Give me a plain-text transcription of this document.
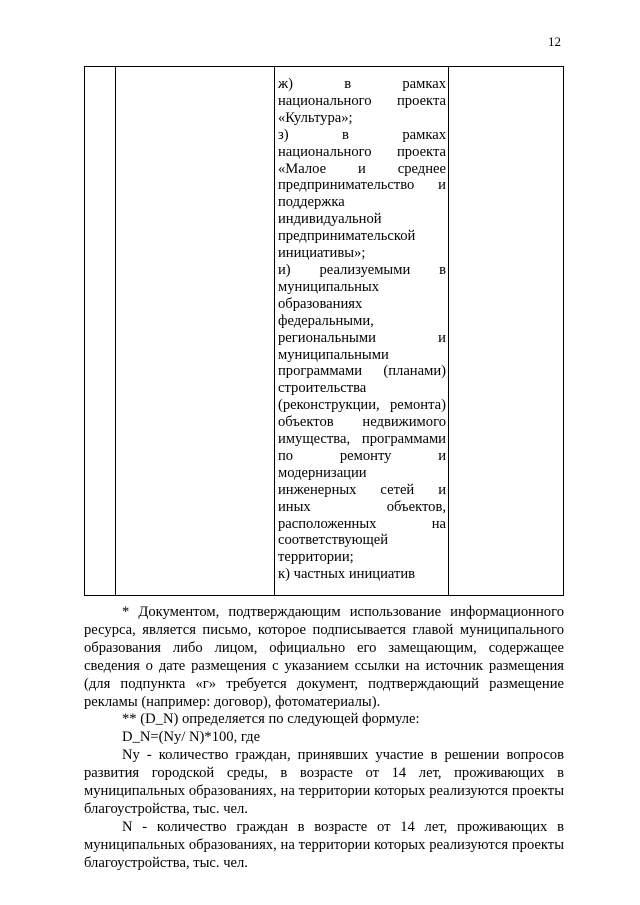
12
ж) в рамках
национального проекта
«Культура»;
з) в рамках
национального проекта
«Малое и среднее
предпринимательство и
поддержка
индивидуальной
предпринимательской
инициативы»;
и) реализуемыми в
муниципальных
образованиях
федеральными,
региональными и
муниципальными
программами (планами)
строительства
(реконструкции, ремонта)
объектов недвижимого
имущества, программами
по ремонту и
модернизации
инженерных сетей и
иных объектов,
расположенных на
соответствующей
территории;
к) частных инициатив

* Документом, подтверждающим использование информационного ресурса, является письмо, которое подписывается главой муниципального образования либо лицом, официально его замещающим, содержащее сведения о дате размещения с указанием ссылки на источник размещения (для подпункта «г» требуется документ, подтверждающий размещение рекламы (например: договор), фотоматериалы).

** (D_N) определяется по следующей формуле:

D_N=(Ny/ N)*100, где

Ny - количество граждан, принявших участие в решении вопросов развития городской среды, в возрасте от 14 лет, проживающих в муниципальных образованиях, на территории которых реализуются проекты благоустройства, тыс. чел.

N - количество граждан в возрасте от 14 лет, проживающих в муниципальных образованиях, на территории которых реализуются проекты благоустройства, тыс. чел.
